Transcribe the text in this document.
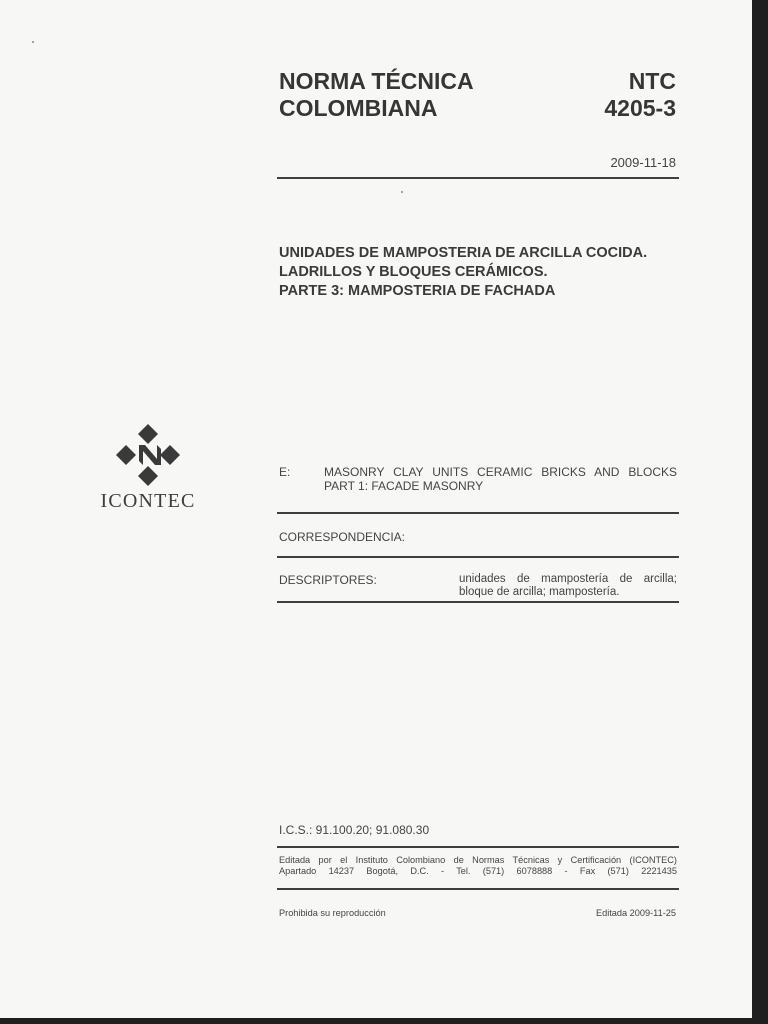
NORMA TÉCNICA
COLOMBIANA
NTC
4205-3
2009-11-18
UNIDADES DE MAMPOSTERIA DE ARCILLA COCIDA.
LADRILLOS Y BLOQUES CERÁMICOS.
PARTE 3: MAMPOSTERIA DE FACHADA
ICONTEC
E:	MASONRY CLAY UNITS CERAMIC BRICKS AND BLOCKS
PART 1: FACADE MASONRY
CORRESPONDENCIA:
DESCRIPTORES:	unidades de mampostería de arcilla;
bloque de arcilla; mampostería.
I.C.S.: 91.100.20; 91.080.30
Editada por el Instituto Colombiano de Normas Técnicas y Certificación (ICONTEC)
Apartado 14237 Bogotá, D.C. - Tel. (571) 6078888 - Fax (571) 2221435
Prohibida su reproducción	Editada 2009-11-25
